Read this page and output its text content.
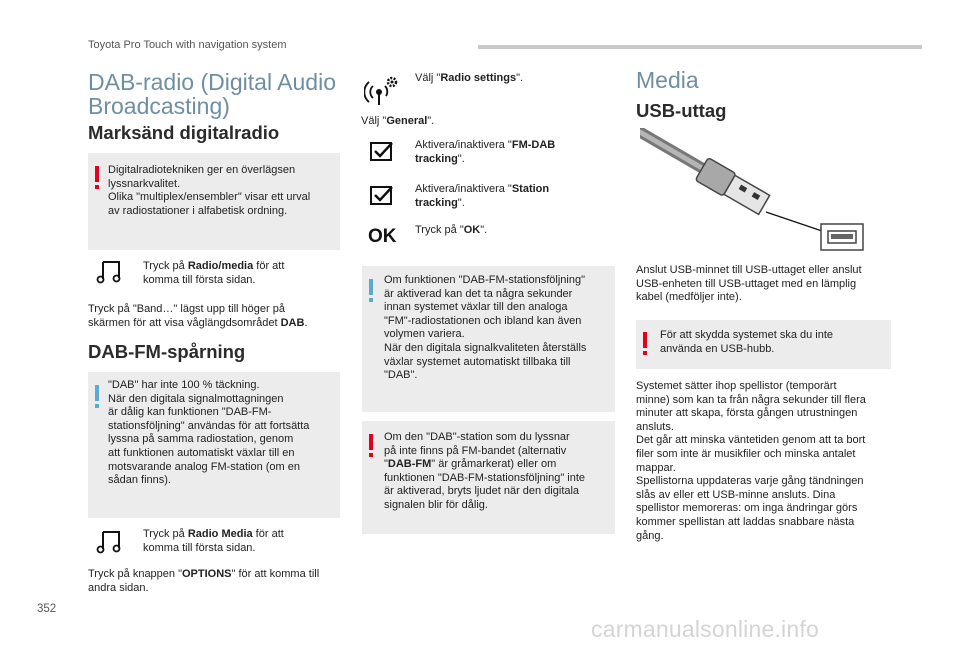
Toyota Pro Touch with navigation system
DAB-radio (Digital Audio
Broadcasting)
Marksänd digitalradio
Digitalradiotekniken ger en överlägsen
lyssnarkvalitet.
Olika "multiplex/ensembler" visar ett urval
av radiostationer i alfabetisk ordning.
Tryck på Radio/media för att
komma till första sidan.
Tryck på "Band…" lägst upp till höger på
skärmen för att visa våglängdsområdet DAB.
DAB-FM-spårning
"DAB" har inte 100 % täckning.
När den digitala signalmottagningen
är dålig kan funktionen "DAB-FM-
stationsföljning" användas för att fortsätta
lyssna på samma radiostation, genom
att funktionen automatiskt växlar till en
motsvarande analog FM-station (om en
sådan finns).
Tryck på Radio Media för att
komma till första sidan.
Tryck på knappen "OPTIONS" för att komma till
andra sidan.
Välj "Radio settings".
Välj "General".
Aktivera/inaktivera "FM-DAB
tracking".
Aktivera/inaktivera "Station
tracking".
OK Tryck på "OK".
Om funktionen "DAB-FM-stationsföljning"
är aktiverad kan det ta några sekunder
innan systemet växlar till den analoga
"FM"-radiostationen och ibland kan även
volymen variera.
När den digitala signalkvaliteten återställs
växlar systemet automatiskt tillbaka till
"DAB".
Om den "DAB"-station som du lyssnar
på inte finns på FM-bandet (alternativ
"DAB-FM" är gråmarkerat) eller om
funktionen "DAB-FM-stationsföljning" inte
är aktiverad, bryts ljudet när den digitala
signalen blir för dålig.
Media
USB-uttag
Anslut USB-minnet till USB-uttaget eller anslut
USB-enheten till USB-uttaget med en lämplig
kabel (medföljer inte).
För att skydda systemet ska du inte
använda en USB-hubb.
Systemet sätter ihop spellistor (temporärt
minne) som kan ta från några sekunder till flera
minuter att skapa, första gången utrustningen
ansluts.
Det går att minska väntetiden genom att ta bort
filer som inte är musikfiler och minska antalet
mappar.
Spellistorna uppdateras varje gång tändningen
slås av eller ett USB-minne ansluts. Dina
spellistor memoreras: om inga ändringar görs
kommer spellistan att laddas snabbare nästa
gång.
352
carmanualsonline.info
